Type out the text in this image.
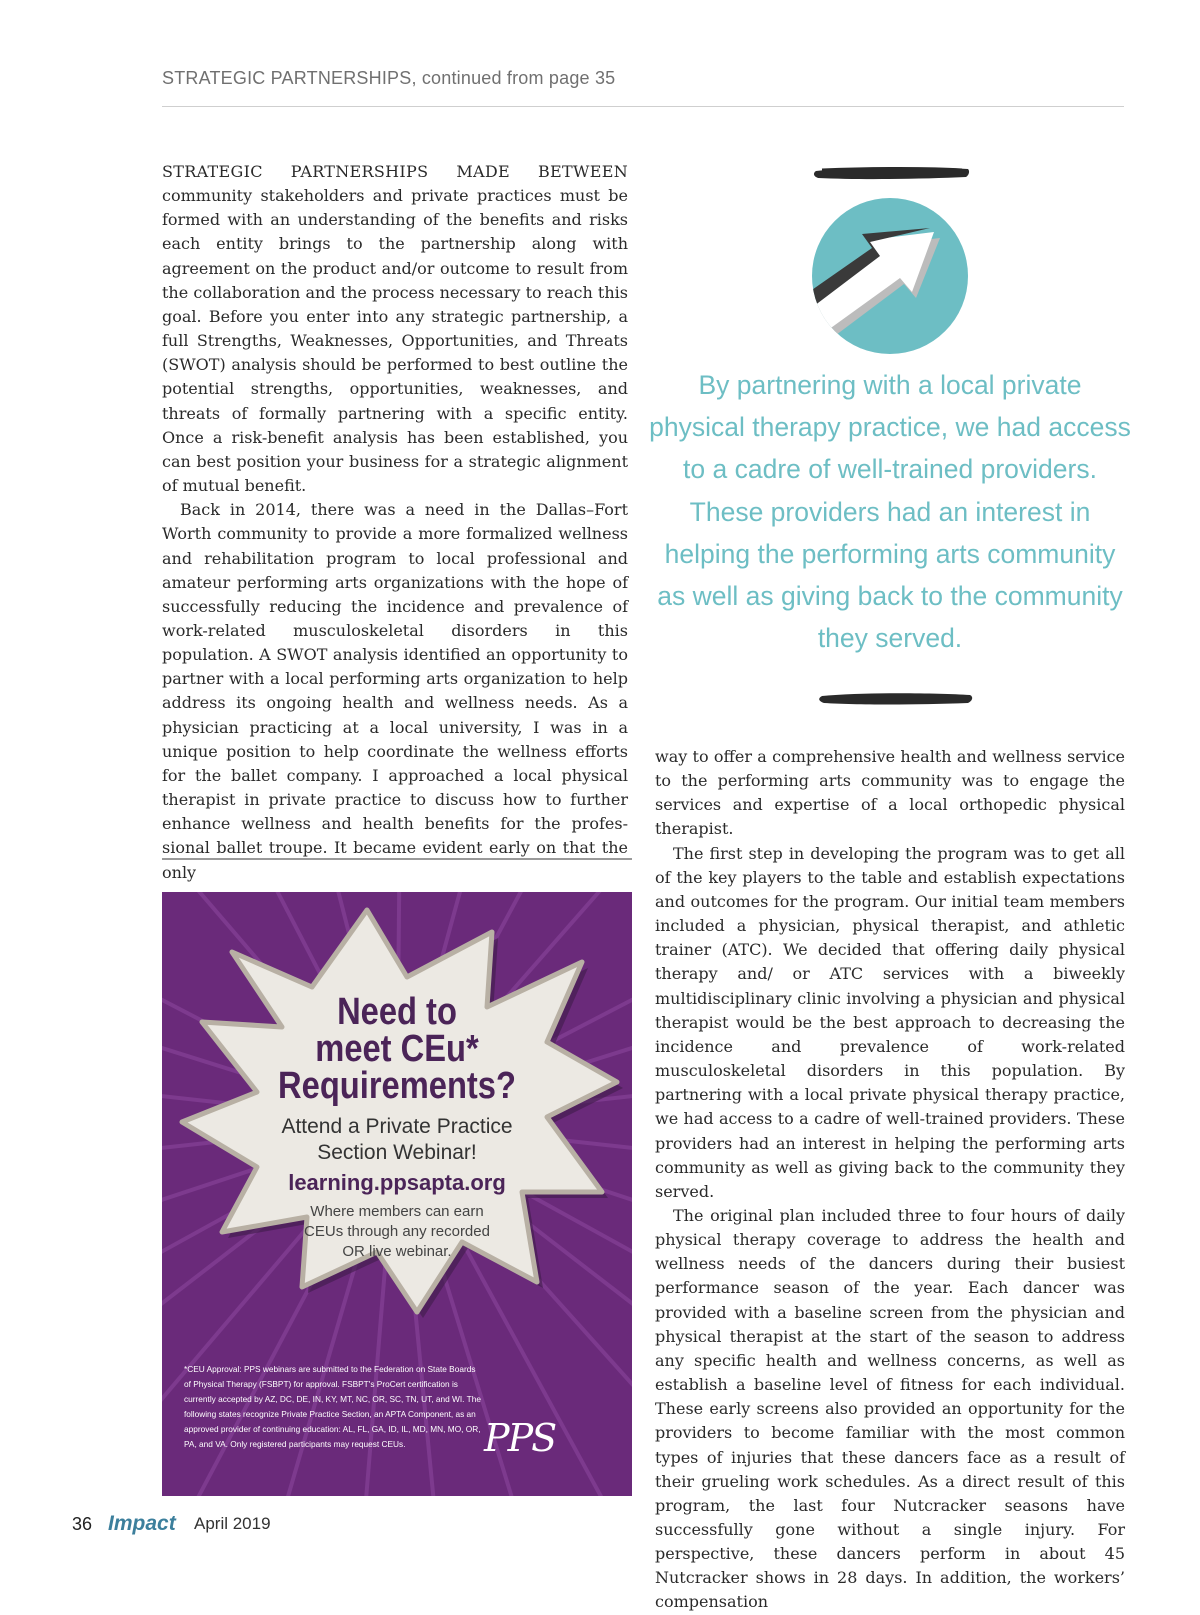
STRATEGIC PARTNERSHIPS, continued from page 35

STRATEGIC PARTNERSHIPS MADE BETWEEN community stakeholders and private practices must be formed with an understanding of the benefits and risks each entity brings to the partnership along with agreement on the product and/or outcome to result from the collaboration and the process necessary to reach this goal. Before you enter into any strategic partnership, a full Strengths, Weaknesses, Opportunities, and Threats (SWOT) analysis should be performed to best outline the potential strengths, opportunities, weaknesses, and threats of formally partnering with a specific entity. Once a risk-benefit analysis has been established, you can best position your business for a strategic alignment of mutual benefit.

Back in 2014, there was a need in the Dallas–Fort Worth community to provide a more formalized wellness and rehabilitation program to local professional and amateur performing arts organizations with the hope of successfully reducing the incidence and prevalence of work-related musculoskeletal disorders in this population. A SWOT analysis identified an opportunity to partner with a local performing arts organization to help address its ongoing health and wellness needs. As a physician practicing at a local university, I was in a unique position to help coordinate the wellness efforts for the ballet company. I approached a local physical therapist in private practice to discuss how to further enhance wellness and health benefits for the professional ballet troupe. It became evident early on that the only

By partnering with a local private physical therapy practice, we had access to a cadre of well-trained providers. These providers had an interest in helping the performing arts community as well as giving back to the community they served.

way to offer a comprehensive health and wellness service to the performing arts community was to engage the services and expertise of a local orthopedic physical therapist.

The first step in developing the program was to get all of the key players to the table and establish expectations and outcomes for the program. Our initial team members included a physician, physical therapist, and athletic trainer (ATC). We decided that offering daily physical therapy and/ or ATC services with a biweekly multidisciplinary clinic involving a physician and physical therapist would be the best approach to decreasing the incidence and prevalence of work-related musculoskeletal disorders in this population. By partnering with a local private physical therapy practice, we had access to a cadre of well-trained providers. These providers had an interest in helping the performing arts community as well as giving back to the community they served.

The original plan included three to four hours of daily physical therapy coverage to address the health and wellness needs of the dancers during their busiest performance season of the year. Each dancer was provided with a baseline screen from the physician and physical therapist at the start of the season to address any specific health and wellness concerns, as well as establish a baseline level of fitness for each individual. These early screens also provided an opportunity for the providers to become familiar with the most common types of injuries that these dancers face as a result of their grueling work schedules. As a direct result of this program, the last four Nutcracker seasons have successfully gone without a single injury. For perspective, these dancers perform in about 45 Nutcracker shows in 28 days. In addition, the workers’ compensation

Need to
meet CEu*
Requirements?
Attend a Private Practice
Section Webinar!
learning.ppsapta.org
Where members can earn
CEUs through any recorded
OR live webinar.
*CEU Approval: PPS webinars are submitted to the Federation on State Boards of Physical Therapy (FSBPT) for approval. FSBPT's ProCert certification is currently accepted by AZ, DC, DE, IN, KY, MT, NC, OR, SC, TN, UT, and WI. The following states recognize Private Practice Section, an APTA Component, as an approved provider of continuing education: AL, FL, GA, ID, IL, MD, MN, MO, OR, PA, and VA. Only registered participants may request CEUs.	PPS
36 Impact April 2019
